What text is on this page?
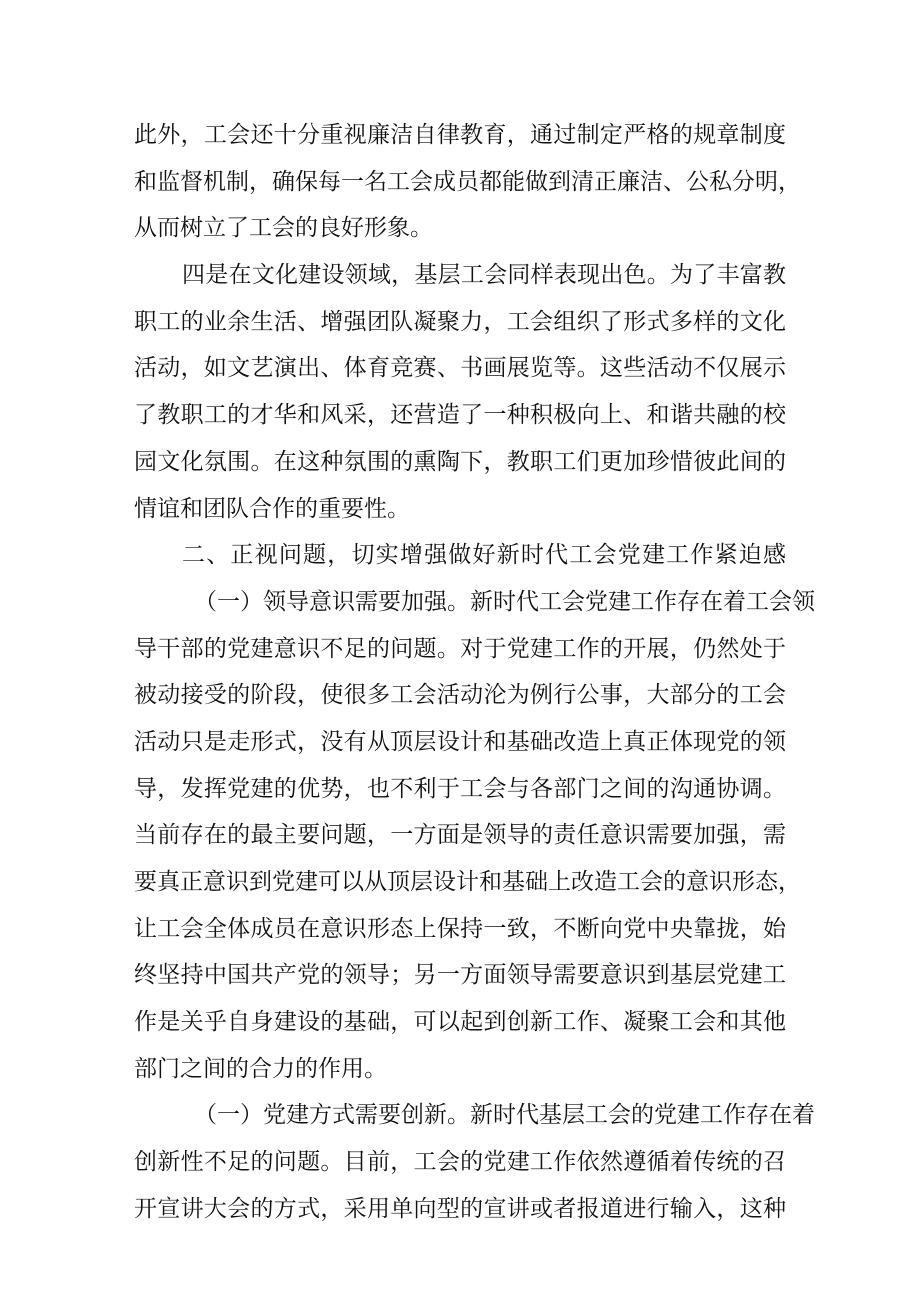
此外，工会还十分重视廉洁自律教育，通过制定严格的规章制度
和监督机制，确保每一名工会成员都能做到清正廉洁、公私分明，
从而树立了工会的良好形象。
四是在文化建设领域，基层工会同样表现出色。为了丰富教
职工的业余生活、增强团队凝聚力，工会组织了形式多样的文化
活动，如文艺演出、体育竞赛、书画展览等。这些活动不仅展示
了教职工的才华和风采，还营造了一种积极向上、和谐共融的校
园文化氛围。在这种氛围的熏陶下，教职工们更加珍惜彼此间的
情谊和团队合作的重要性。
二、正视问题，切实增强做好新时代工会党建工作紧迫感
（一）领导意识需要加强。新时代工会党建工作存在着工会领
导干部的党建意识不足的问题。对于党建工作的开展，仍然处于
被动接受的阶段，使很多工会活动沦为例行公事，大部分的工会
活动只是走形式，没有从顶层设计和基础改造上真正体现党的领
导，发挥党建的优势，也不利于工会与各部门之间的沟通协调。
当前存在的最主要问题，一方面是领导的责任意识需要加强，需
要真正意识到党建可以从顶层设计和基础上改造工会的意识形态，
让工会全体成员在意识形态上保持一致，不断向党中央靠拢，始
终坚持中国共产党的领导；另一方面领导需要意识到基层党建工
作是关乎自身建设的基础，可以起到创新工作、凝聚工会和其他
部门之间的合力的作用。
（一）党建方式需要创新。新时代基层工会的党建工作存在着
创新性不足的问题。目前，工会的党建工作依然遵循着传统的召
开宣讲大会的方式，采用单向型的宣讲或者报道进行输入，这种
